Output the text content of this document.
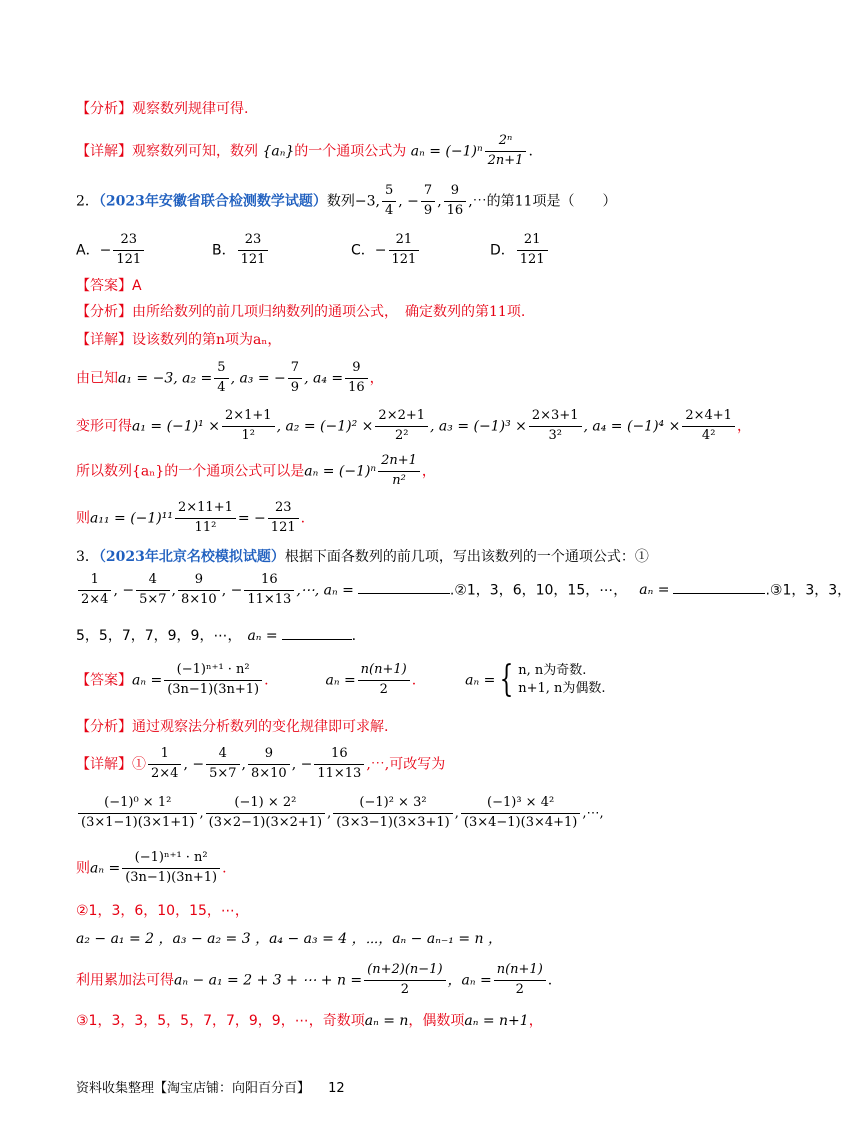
【分析】观察数列规律可得.
【详解】观察数列可知，数列 {aₙ}的一个通项公式为 $a_n = (-1)^n \frac{\text{2ⁿ}}{2n+1}$ .
2．（2023年安徽省联合检测数学试题）数列−3, $\frac{5}{4}$ , − $\frac{7}{9}$ , $\frac{9}{16}$ ,⋯的第11项是（　　）
A．− $\frac{23}{121}$	B． $\frac{23}{121}$	C．− $\frac{21}{121}$	D． $\frac{21}{121}$
【答案】A
【分析】由所给数列的前几项归纳数列的通项公式，　确定数列的第11项.
【详解】设该数列的第n项为aₙ，
由已知a₁ = −3, $a_2 = \frac{5}{4}$ , a₃ = − $\frac{7}{9}$ , $a_4 = \frac{9}{16}$ ，
变形可得$a_1 = (-1)^1 \times \frac{2\times 1+1}{\text{1²}}$ , $a_2 = (-1)^2 \times \frac{2\times 2+1}{\text{2²}}$ , $a_3 = (-1)^3 \times \frac{2\times 3+1}{\text{3²}}$ , $a_4 = (-1)^4 \times \frac{2\times 4+1}{\text{4²}}$ ，
所以数列{aₙ}的一个通项公式可以是$a_n = (-1)^n \frac{2n+1}{\text{n²}}$ ，
则$a_{11} = (-1)^{11} \frac{2\times 11+1}{\text{11²}}$ = − $\frac{23}{121}$ .
3．（2023年北京名校模拟试题）根据下面各数列的前几项，写出该数列的一个通项公式：①
$\frac{1}{2\times 4}$ , − $\frac{4}{5\times 7}$ , $\frac{9}{8\times 10}$ , − $\frac{16}{11\times 13}$ ,⋯, aₙ =	.②1，3，6，10，15，⋯， aₙ =	.③1，3，3，
5，5，7，7，9，9，⋯， aₙ =	.
【答案】$a_n = \frac{\text{(−1)ⁿ⁺¹ · n²}}{(3n-1)(3n+1)}$ .	$a_n = \frac{n(n+1)}{2}$ .	aₙ = { n, n为奇数.
n+1, n为偶数.
【分析】通过观察法分析数列的变化规律即可求解.
【详解】① $\frac{1}{2\times 4}$ , − $\frac{4}{5\times 7}$ , $\frac{9}{8\times 10}$ , − $\frac{16}{11\times 13}$ ,⋯,可改写为
$\frac{\text{(−1)⁰ × 1²}}{(3\times 1-1)(3\times 1+1)}$ , $\frac{\text{(−1) × 2²}}{(3\times 2-1)(3\times 2+1)}$ , $\frac{\text{(−1)² × 3²}}{(3\times 3-1)(3\times 3+1)}$ , $\frac{\text{(−1)³ × 4²}}{(3\times 4-1)(3\times 4+1)}$ ,⋯,
则$a_n = \frac{\text{(−1)ⁿ⁺¹ · n²}}{(3n-1)(3n+1)}$ .
②1，3，6，10，15，⋯，
a₂ − a₁ = 2 ，a₃ − a₂ = 3 ，a₄ − a₃ = 4 ，⋯，aₙ − aₙ₋₁ = n ，
利用累加法可得aₙ − a₁ = 2 + 3 + ⋯ + $n = \frac{(n+2)(n-1)}{2}$ ，$a_n = \frac{n(n+1)}{2}$ .
③1，3，3，5，5，7，7，9，9，⋯，奇数项aₙ = n，偶数项aₙ = n+1，
资料收集整理【淘宝店铺：向阳百分百】 12
